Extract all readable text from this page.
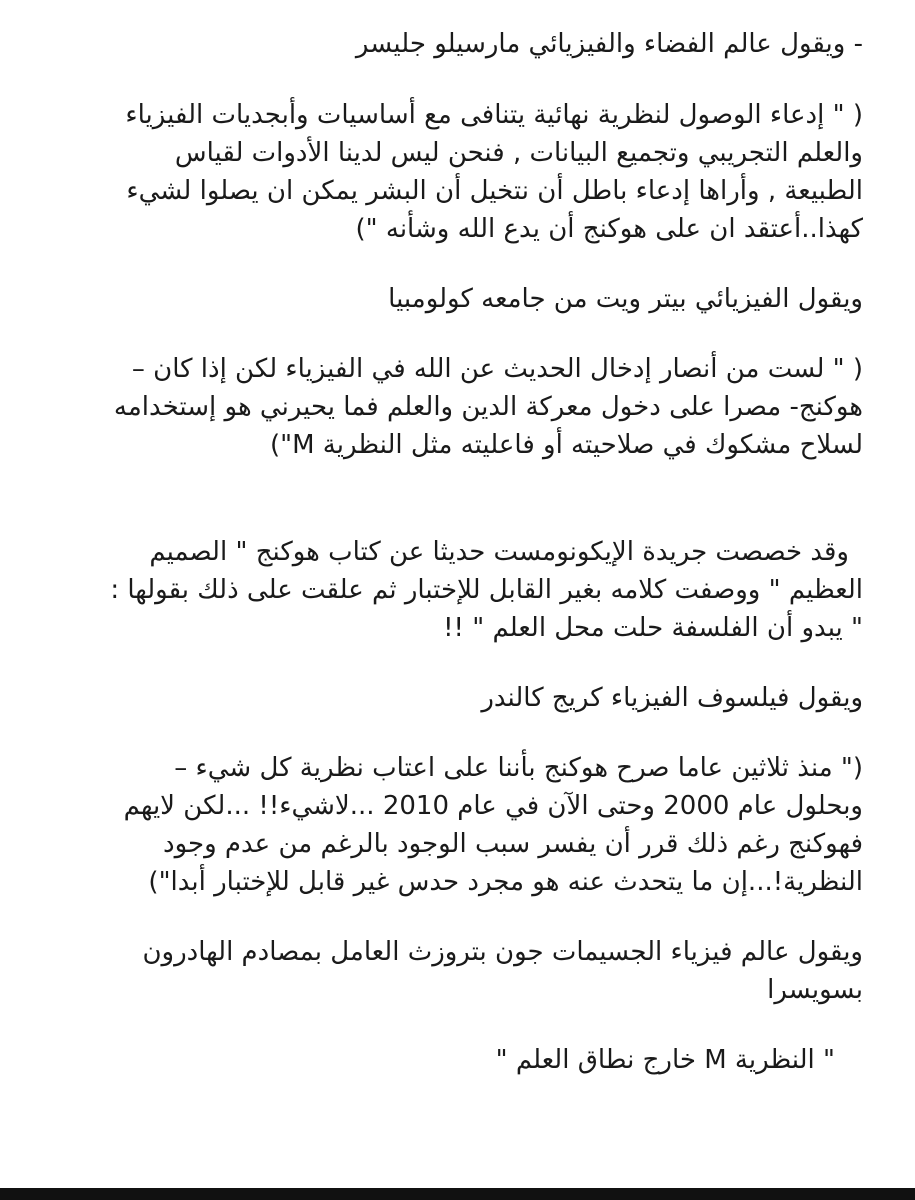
- ويقول عالم الفضاء والفيزيائي مارسيلو جليسر
( " إدعاء الوصول لنظرية نهائية يتنافى مع أساسيات وأبجديات الفيزياء
والعلم التجريبي وتجميع البيانات , فنحن ليس لدينا الأدوات لقياس
الطبيعة , وأراها إدعاء باطل أن نتخيل أن البشر يمكن ان يصلوا لشيء
كهذا..أعتقد ان على هوكنج أن يدع الله وشأنه ")
ويقول الفيزيائي بيتر ويت من جامعه كولومبيا
( " لست من أنصار إدخال الحديث عن الله في الفيزياء لكن إذا كان –
هوكنج- مصرا على دخول معركة الدين والعلم فما يحيرني هو إستخدامه
لسلاح مشكوك في صلاحيته أو فاعليته مثل النظرية M")
وقد خصصت جريدة الإيكونومست حديثا عن كتاب هوكنج " الصميم
العظيم " ووصفت كلامه بغير القابل للإختبار ثم علقت على ذلك بقولها :
" يبدو أن الفلسفة حلت محل العلم " !!
ويقول فيلسوف الفيزياء كريج كالندر
(" منذ ثلاثين عاما صرح هوكنج بأننا على اعتاب نظرية كل شيء –
وبحلول عام 2000 وحتى الآن في عام 2010 ...لاشيء!! ...لكن لايهم
فهوكنج رغم ذلك قرر أن يفسر سبب الوجود بالرغم من عدم وجود
النظرية!...إن ما يتحدث عنه هو مجرد حدس غير قابل للإختبار أبدا")
ويقول عالم فيزياء الجسيمات جون بتروزث العامل بمصادم الهادرون
بسويسرا
" النظرية M خارج نطاق العلم "
